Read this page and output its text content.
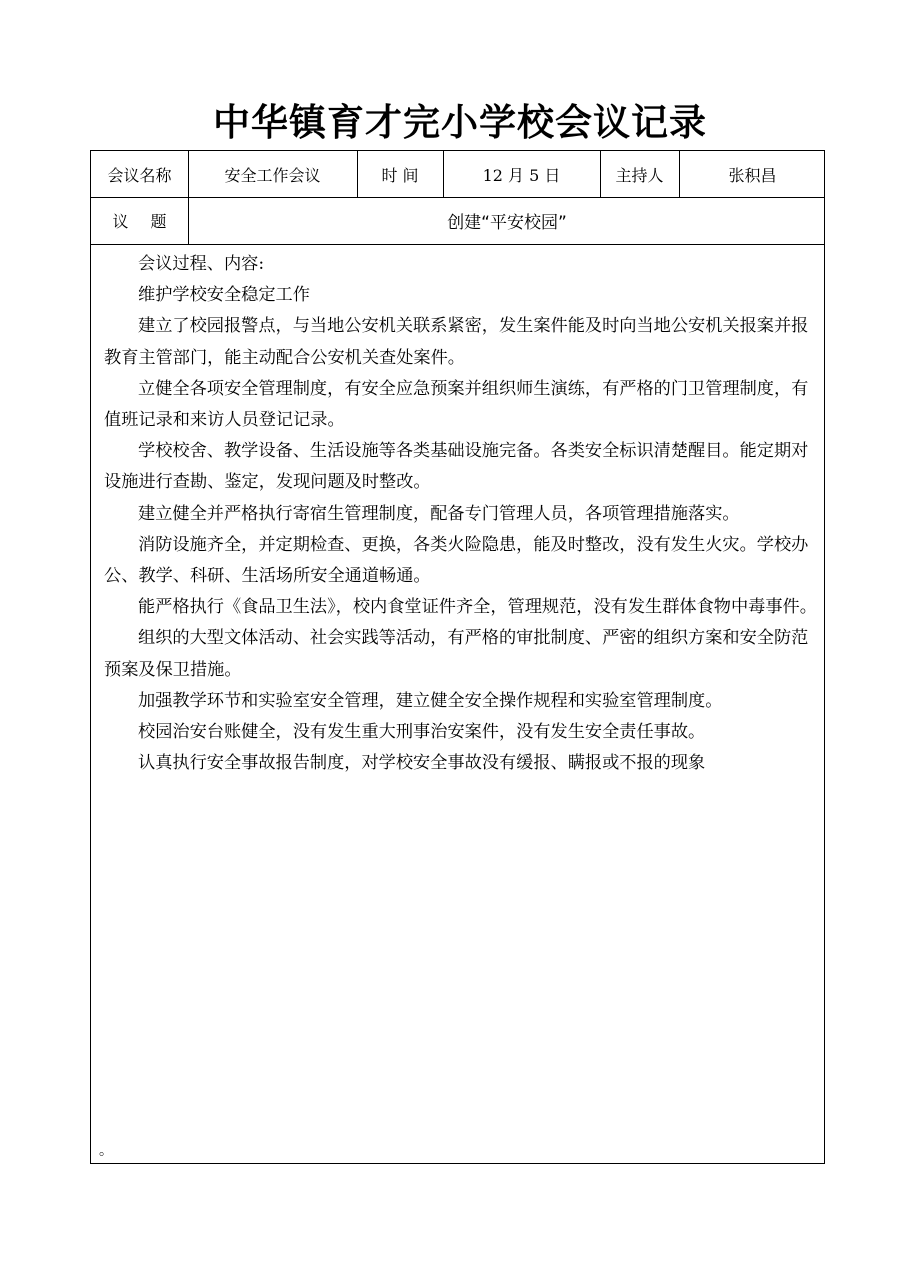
中华镇育才完小学校会议记录
会议名称	安全工作会议	时 间	12 月 5 日	主持人	张积昌
议题	创建“平安校园”

会议过程、内容:

维护学校安全稳定工作

建立了校园报警点，与当地公安机关联系紧密，发生案件能及时向当地公安机关报案并报教育主管部门，能主动配合公安机关查处案件。

立健全各项安全管理制度，有安全应急预案并组织师生演练，有严格的门卫管理制度，有值班记录和来访人员登记记录。

学校校舍、教学设备、生活设施等各类基础设施完备。各类安全标识清楚醒目。能定期对设施进行查勘、鉴定，发现问题及时整改。

建立健全并严格执行寄宿生管理制度，配备专门管理人员，各项管理措施落实。

消防设施齐全，并定期检查、更换，各类火险隐患，能及时整改，没有发生火灾。学校办公、教学、科研、生活场所安全通道畅通。

能严格执行《食品卫生法》，校内食堂证件齐全，管理规范，没有发生群体食物中毒事件。

组织的大型文体活动、社会实践等活动，有严格的审批制度、严密的组织方案和安全防范预案及保卫措施。

加强教学环节和实验室安全管理，建立健全安全操作规程和实验室管理制度。

校园治安台账健全，没有发生重大刑事治安案件，没有发生安全责任事故。

认真执行安全事故报告制度，对学校安全事故没有缓报、瞒报或不报的现象

。
